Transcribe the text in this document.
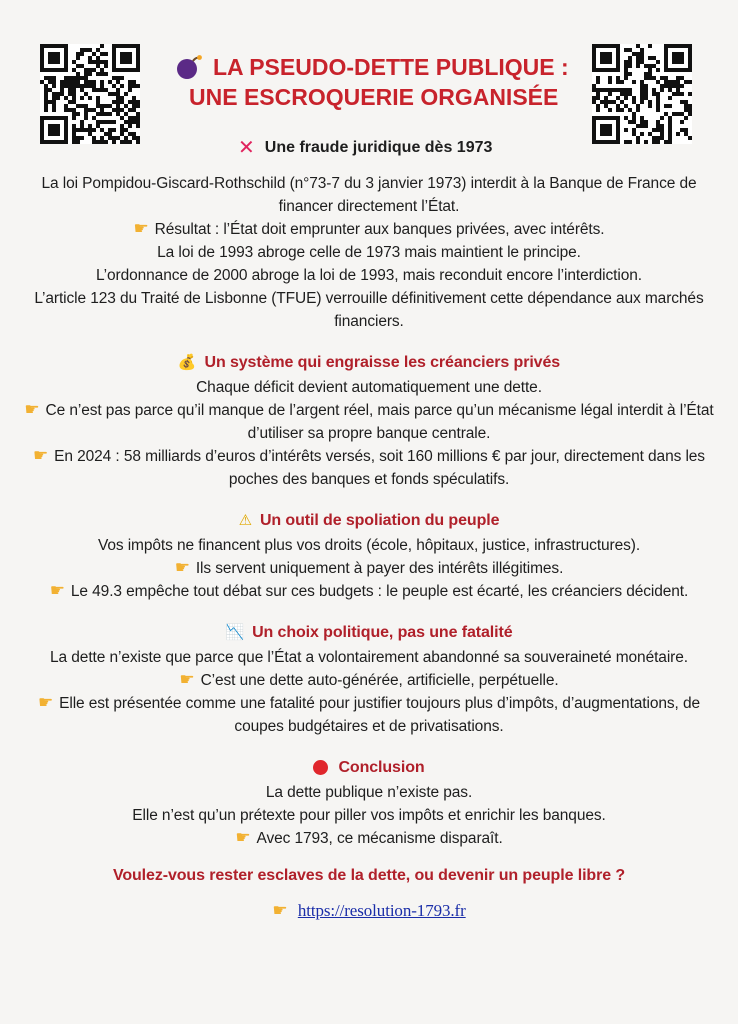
LA PSEUDO-DETTE PUBLIQUE :
UNE ESCROQUERIE ORGANISÉE
✕ Une fraude juridique dès 1973

La loi Pompidou-Giscard-Rothschild (n°73-7 du 3 janvier 1973) interdit à la Banque de France de financer directement l’État.

☛ Résultat : l’État doit emprunter aux banques privées, avec intérêts.

La loi de 1993 abroge celle de 1973 mais maintient le principe.

L’ordonnance de 2000 abroge la loi de 1993, mais reconduit encore l’interdiction.

L’article 123 du Traité de Lisbonne (TFUE) verrouille définitivement cette dépendance aux marchés financiers.

💰 Un système qui engraisse les créanciers privés

Chaque déficit devient automatiquement une dette.

☛ Ce n’est pas parce qu’il manque de l’argent réel, mais parce qu’un mécanisme légal interdit à l’État d’utiliser sa propre banque centrale.

☛ En 2024 : 58 milliards d’euros d’intérêts versés, soit 160 millions € par jour, directement dans les poches des banques et fonds spéculatifs.

⚠ Un outil de spoliation du peuple

Vos impôts ne financent plus vos droits (école, hôpitaux, justice, infrastructures).

☛ Ils servent uniquement à payer des intérêts illégitimes.

☛ Le 49.3 empêche tout débat sur ces budgets : le peuple est écarté, les créanciers décident.

📉 Un choix politique, pas une fatalité

La dette n’existe que parce que l’État a volontairement abandonné sa souveraineté monétaire.

☛ C’est une dette auto-générée, artificielle, perpétuelle.

☛ Elle est présentée comme une fatalité pour justifier toujours plus d’impôts, d’augmentations, de coupes budgétaires et de privatisations.

Conclusion

La dette publique n’existe pas.

Elle n’est qu’un prétexte pour piller vos impôts et enrichir les banques.

☛ Avec 1793, ce mécanisme disparaît.

Voulez-vous rester esclaves de la dette, ou devenir un peuple libre ?
☛ https://resolution-1793.fr
